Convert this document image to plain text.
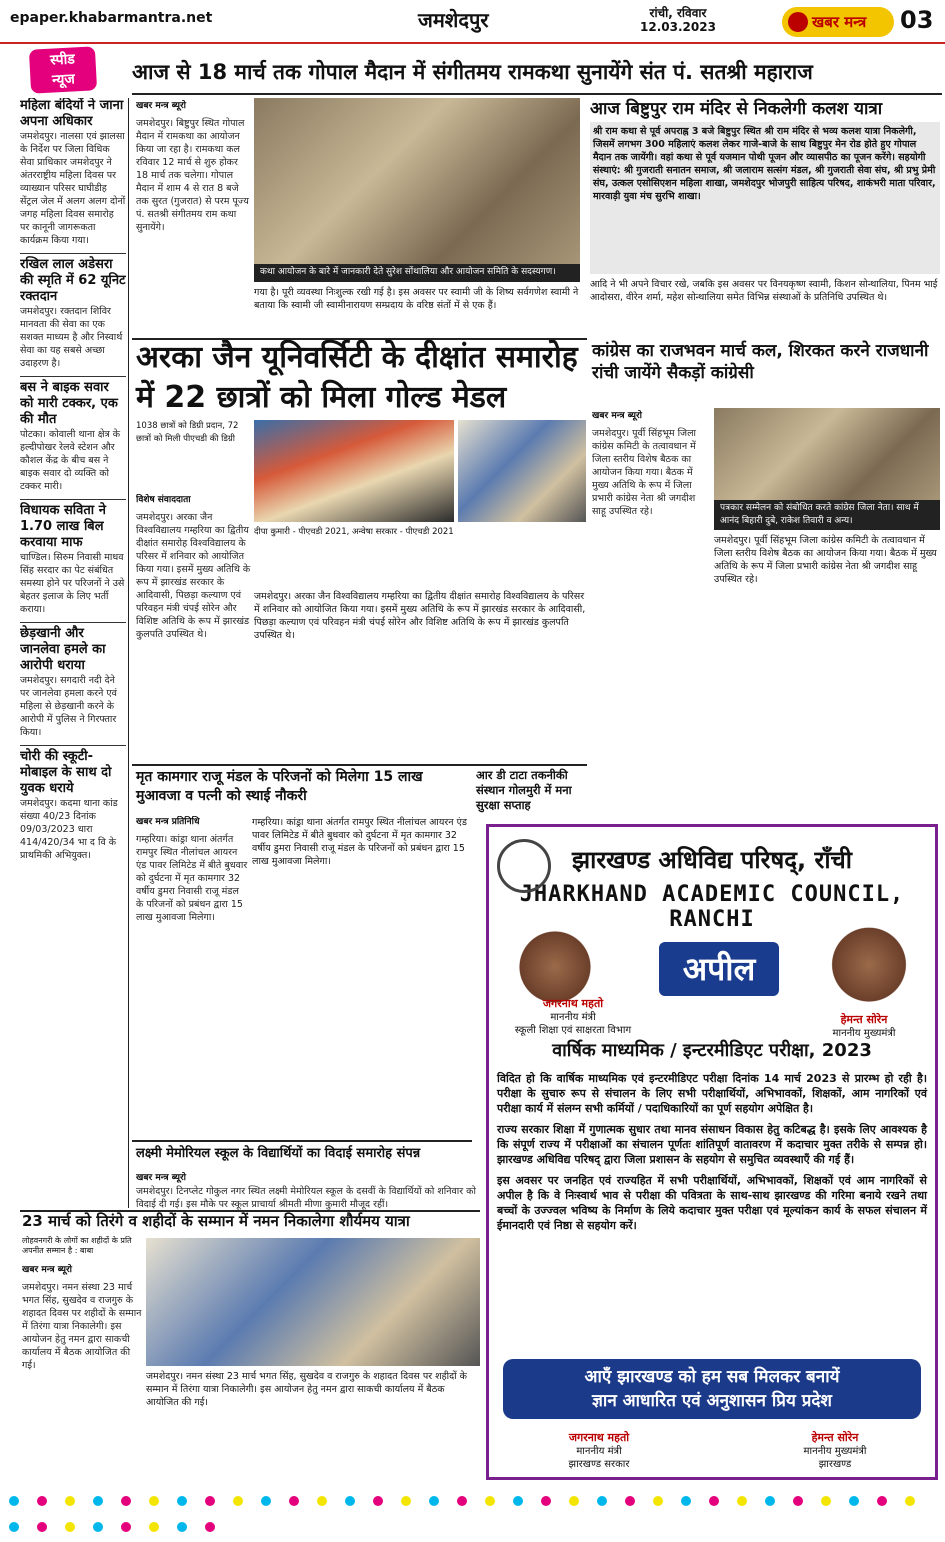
epaper.khabarmantra.net	जमशेदपुर	रांची, रविवार
12.03.2023	खबर मन्त्र	03
स्पीड
न्यूज	आज से 18 मार्च तक गोपाल मैदान में संगीतमय रामकथा सुनायेंगे संत पं. सतश्री महाराज
महिला बंदियों ने जाना अपना अधिकार
जमशेदपुर। नालसा एवं झालसा के निर्देश पर जिला विधिक सेवा प्राधिकार जमशेदपुर ने अंतरराष्ट्रीय महिला दिवस पर व्याख्यान परिसर घाघीडीह सेंट्रल जेल में अलग अलग दोनों जगह महिला दिवस समारोह पर कानूनी जागरूकता कार्यक्रम किया गया।
रखिल लाल अडेसरा की स्मृति में 62 यूनिट रक्तदान
जमशेदपुर। रक्तदान शिविर मानवता की सेवा का एक सशक्त माध्यम है और निस्वार्थ सेवा का यह सबसे अच्छा उदाहरण है।
बस ने बाइक सवार को मारी टक्कर, एक की मौत
पोटका। कोवाली थाना क्षेत्र के हल्दीपोखर रेलवे स्टेशन और कौशल केंद्र के बीच बस ने बाइक सवार दो व्यक्ति को टक्कर मारी।
विधायक सविता ने 1.70 लाख बिल करवाया माफ
चाण्डिल। सिरुम निवासी माधव सिंह सरदार का पेट संबंधित समस्या होने पर परिजनों ने उसे बेहतर इलाज के लिए भर्ती कराया।
छेड़खानी और जानलेवा हमले का आरोपी धराया
जमशेदपुर। सगदारी नदी देने पर जानलेवा हमला करने एवं महिला से छेड़खानी करने के आरोपी में पुलिस ने गिरफ्तार किया।
चोरी की स्कूटी-मोबाइल के साथ दो युवक धराये
जमशेदपुर। कदमा थाना कांड संख्या 40/23 दिनांक 09/03/2023 धारा 414/420/34 भा द वि के प्राथमिकी अभियुक्त।
खबर मन्त्र ब्यूरो
जमशेदपुर। बिष्टुपुर स्थित गोपाल मैदान में रामकथा का आयोजन किया जा रहा है। रामकथा कल रविवार 12 मार्च से शुरु होकर 18 मार्च तक चलेगा। गोपाल मैदान में शाम 4 से रात 8 बजे तक सुरत (गुजरात) से परम पूज्य पं. सतश्री संगीतमय राम कथा सुनायेंगे।
कथा आयोजन के बारे में जानकारी देते सुरेश सोंथालिया और आयोजन समिति के सदस्यगण।
गया है। पूरी व्यवस्था निःशुल्क रखी गई है। इस अवसर पर स्वामी जी के शिष्य सर्वगणेश स्वामी ने बताया कि स्वामी जी स्वामीनारायण सम्प्रदाय के वरिष्ठ संतों में से एक हैं।
आज बिष्टुपुर राम मंदिर से निकलेगी कलश यात्रा
श्री राम कथा से पूर्व अपराह्न 3 बजे बिष्टुपुर स्थित श्री राम मंदिर से भव्य कलश यात्रा निकलेगी, जिसमें लगभग 300 महिलाएं कलश लेकर गाजे-बाजे के साथ बिष्टुपुर मेन रोड होते हुए गोपाल मैदान तक जायेंगी। वहां कथा से पूर्व यजमान पोथी पूजन और व्यासपीठ का पूजन करेंगे। सहयोगी संस्थाएं: श्री गुजराती सनातन समाज, श्री जलाराम सत्संग मंडल, श्री गुजराती सेवा संघ, श्री प्रभु प्रेमी संघ, उत्कल एसोसिएशन महिला शाखा, जमशेदपुर भोजपुरी साहित्य परिषद, शाकंभरी माता परिवार, मारवाड़ी युवा मंच सुरभि शाखा।
आदि ने भी अपने विचार रखे, जबकि इस अवसर पर विनयकृष्ण स्वामी, किशन सोन्थालिया, पिनम भाई आदोसरा, वीरेन शर्मा, महेश सोन्थालिया समेत विभिन्न संस्थाओं के प्रतिनिधि उपस्थित थे।
अरका जैन यूनिवर्सिटी के दीक्षांत समारोह में 22 छात्रों को मिला गोल्ड मेडल
1038 छात्रों को डिग्री प्रदान, 72 छात्रों को मिली पीएचडी की डिग्री
दीपा कुमारी - पीएचडी 2021, अन्वेषा सरकार - पीएचडी 2021
विशेष संवाददाता
जमशेदपुर। अरका जैन विश्वविद्यालय गम्हरिया का द्वितीय दीक्षांत समारोह विश्वविद्यालय के परिसर में शनिवार को आयोजित किया गया। इसमें मुख्य अतिथि के रूप में झारखंड सरकार के आदिवासी, पिछड़ा कल्याण एवं परिवहन मंत्री चंपई सोरेन और विशिष्ट अतिथि के रूप में झारखंड कुलपति उपस्थित थे।
जमशेदपुर। अरका जैन विश्वविद्यालय गम्हरिया का द्वितीय दीक्षांत समारोह विश्वविद्यालय के परिसर में शनिवार को आयोजित किया गया। इसमें मुख्य अतिथि के रूप में झारखंड सरकार के आदिवासी, पिछड़ा कल्याण एवं परिवहन मंत्री चंपई सोरेन और विशिष्ट अतिथि के रूप में झारखंड कुलपति उपस्थित थे।
कांग्रेस का राजभवन मार्च कल, शिरकत करने राजधानी रांची जायेंगे सैकड़ों कांग्रेसी
खबर मन्त्र ब्यूरो
जमशेदपुर। पूर्वी सिंहभूम जिला कांग्रेस कमिटी के तत्वावधान में जिला स्तरीय विशेष बैठक का आयोजन किया गया। बैठक में मुख्य अतिथि के रूप में जिला प्रभारी कांग्रेस नेता श्री जगदीश साहू उपस्थित रहे।	पत्रकार सम्मेलन को संबोधित करते कांग्रेस जिला नेता। साथ में आनंद बिहारी दुबे, राकेश तिवारी व अन्य।
जमशेदपुर। पूर्वी सिंहभूम जिला कांग्रेस कमिटी के तत्वावधान में जिला स्तरीय विशेष बैठक का आयोजन किया गया। बैठक में मुख्य अतिथि के रूप में जिला प्रभारी कांग्रेस नेता श्री जगदीश साहू उपस्थित रहे।
मृत कामगार राजू मंडल के परिजनों को मिलेगा 15 लाख मुआवजा व पत्नी को स्थाई नौकरी
खबर मन्त्र प्रतिनिधि
गम्हरिया। कांड्रा थाना अंतर्गत रामपुर स्थित नीलांचल आयरन एंड पावर लिमिटेड में बीते बुधवार को दुर्घटना में मृत कामगार 32 वर्षीय डुमरा निवासी राजू मंडल के परिजनों को प्रबंधन द्वारा 15 लाख मुआवजा मिलेगा।
गम्हरिया। कांड्रा थाना अंतर्गत रामपुर स्थित नीलांचल आयरन एंड पावर लिमिटेड में बीते बुधवार को दुर्घटना में मृत कामगार 32 वर्षीय डुमरा निवासी राजू मंडल के परिजनों को प्रबंधन द्वारा 15 लाख मुआवजा मिलेगा।
आर डी टाटा तकनीकी संस्थान गोलमुरी में मना सुरक्षा सप्ताह
लक्ष्मी मेमोरियल स्कूल के विद्यार्थियों का विदाई समारोह संपन्न
खबर मन्त्र ब्यूरो
जमशेदपुर। टिनप्लेट गोकुल नगर स्थित लक्ष्मी मेमोरियल स्कूल के दसवीं के विद्यार्थियों को शनिवार को विदाई दी गई। इस मौके पर स्कूल प्राचार्या श्रीमती मीणा कुमारी मौजूद रहीं।
23 मार्च को तिरंगे व शहीदों के सम्मान में नमन निकालेगा शौर्यमय यात्रा
लोहवनगरी के लोगों का शहीदों के प्रति अपनीत सम्मान है : बाबा
खबर मन्त्र ब्यूरो
जमशेदपुर। नमन संस्था 23 मार्च भगत सिंह, सुखदेव व राजगुरु के शहादत दिवस पर शहीदों के सम्मान में तिरंगा यात्रा निकालेगी। इस आयोजन हेतु नमन द्वारा साकची कार्यालय में बैठक आयोजित की गई।
जमशेदपुर। नमन संस्था 23 मार्च भगत सिंह, सुखदेव व राजगुरु के शहादत दिवस पर शहीदों के सम्मान में तिरंगा यात्रा निकालेगी। इस आयोजन हेतु नमन द्वारा साकची कार्यालय में बैठक आयोजित की गई।
झारखण्ड अधिविद्य परिषद्, राँची
JHARKHAND ACADEMIC COUNCIL, RANCHI
अपील
जगरनाथ महतो
माननीय मंत्री
स्कूली शिक्षा एवं साक्षरता विभाग
हेमन्त सोरेन
माननीय मुख्यमंत्री
वार्षिक माध्यमिक / इन्टरमीडिएट परीक्षा, 2023

विदित हो कि वार्षिक माध्यमिक एवं इन्टरमीडिएट परीक्षा दिनांक 14 मार्च 2023 से प्रारम्भ हो रही है। परीक्षा के सुचारु रूप से संचालन के लिए सभी परीक्षार्थियों, अभिभावकों, शिक्षकों, आम नागरिकों एवं परीक्षा कार्य में संलग्न सभी कर्मियों / पदाधिकारियों का पूर्ण सहयोग अपेक्षित है।

राज्य सरकार शिक्षा में गुणात्मक सुधार तथा मानव संसाधन विकास हेतु कटिबद्ध है। इसके लिए आवश्यक है कि संपूर्ण राज्य में परीक्षाओं का संचालन पूर्णतः शांतिपूर्ण वातावरण में कदाचार मुक्त तरीके से सम्पन्न हो। झारखण्ड अधिविद्य परिषद् द्वारा जिला प्रशासन के सहयोग से समुचित व्यवस्थाएँ की गई हैं।

इस अवसर पर जनहित एवं राज्यहित में सभी परीक्षार्थियों, अभिभावकों, शिक्षकों एवं आम नागरिकों से अपील है कि वे निःस्वार्थ भाव से परीक्षा की पवित्रता के साथ-साथ झारखण्ड की गरिमा बनाये रखने तथा बच्चों के उज्ज्वल भविष्य के निर्माण के लिये कदाचार मुक्त परीक्षा एवं मूल्यांकन कार्य के सफल संचालन में ईमानदारी एवं निष्ठा से सहयोग करें।

आएँ झारखण्ड को हम सब मिलकर बनायें
ज्ञान आधारित एवं अनुशासन प्रिय प्रदेश
जगरनाथ महतो
माननीय मंत्री
झारखण्ड सरकार
हेमन्त सोरेन
माननीय मुख्यमंत्री
झारखण्ड
